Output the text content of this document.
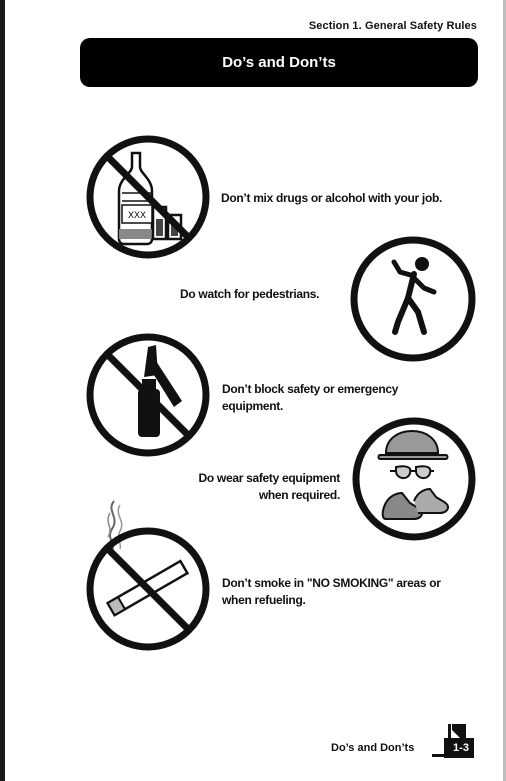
Section 1. General Safety Rules
Do’s and Don’ts
XXX
Don’t mix drugs or alcohol with your job.
Do watch for pedestrians.
Don’t block safety or emergency equipment.
Do wear safety equipment when required.
Don’t smoke in "NO SMOKING" areas or when refueling.
Do’s and Don’ts	1-3
